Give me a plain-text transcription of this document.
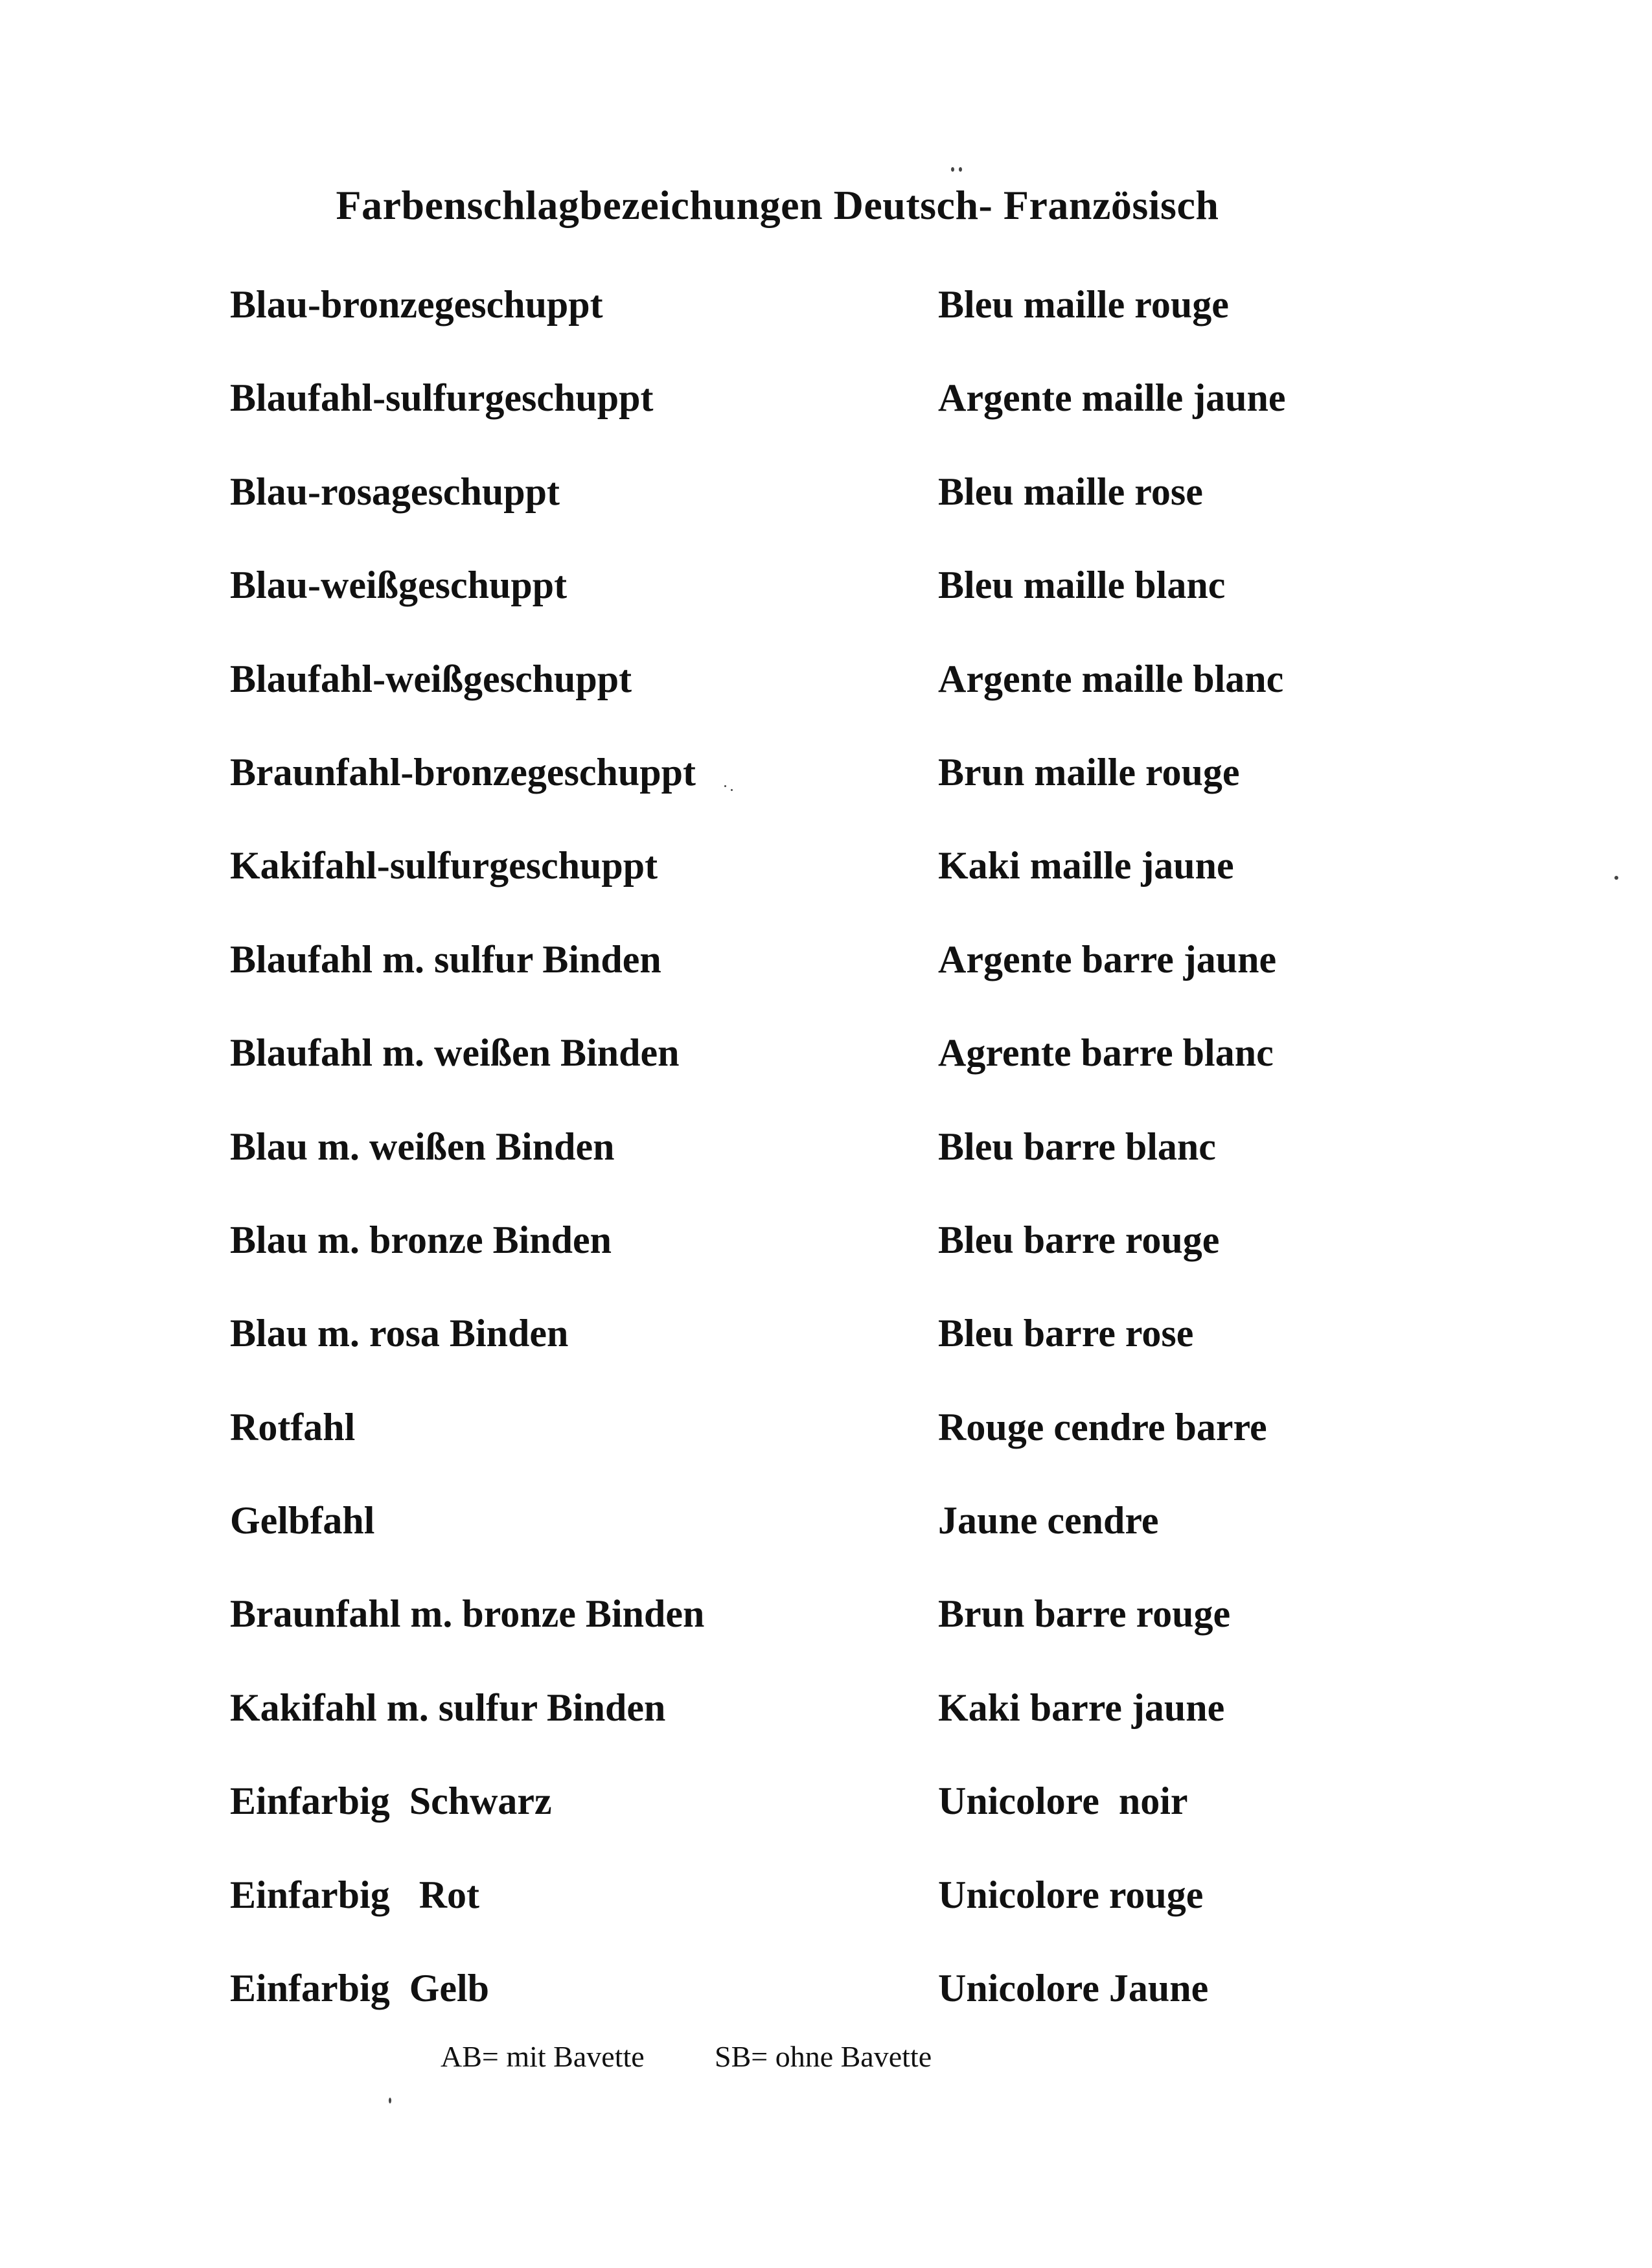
Farbenschlagbezeichungen Deutsch- Französisch
Blau-bronzegeschuppt	Bleu maille rouge
Blaufahl-sulfurgeschuppt	Argente maille jaune
Blau-rosageschuppt	Bleu maille rose
Blau-weißgeschuppt	Bleu maille blanc
Blaufahl-weißgeschuppt	Argente maille blanc
Braunfahl-bronzegeschuppt	Brun maille rouge
Kakifahl-sulfurgeschuppt	Kaki maille jaune
Blaufahl m. sulfur Binden	Argente barre jaune
Blaufahl m. weißen Binden	Agrente barre blanc
Blau m. weißen Binden	Bleu barre blanc
Blau m. bronze Binden	Bleu barre rouge
Blau m. rosa Binden	Bleu barre rose
Rotfahl	Rouge cendre barre
Gelbfahl	Jaune cendre
Braunfahl m. bronze Binden	Brun barre rouge
Kakifahl m. sulfur Binden	Kaki barre jaune
Einfarbig  Schwarz	Unicolore  noir
Einfarbig   Rot	Unicolore rouge
Einfarbig  Gelb	Unicolore Jaune
AB= mit Bavette SB= ohne Bavette
